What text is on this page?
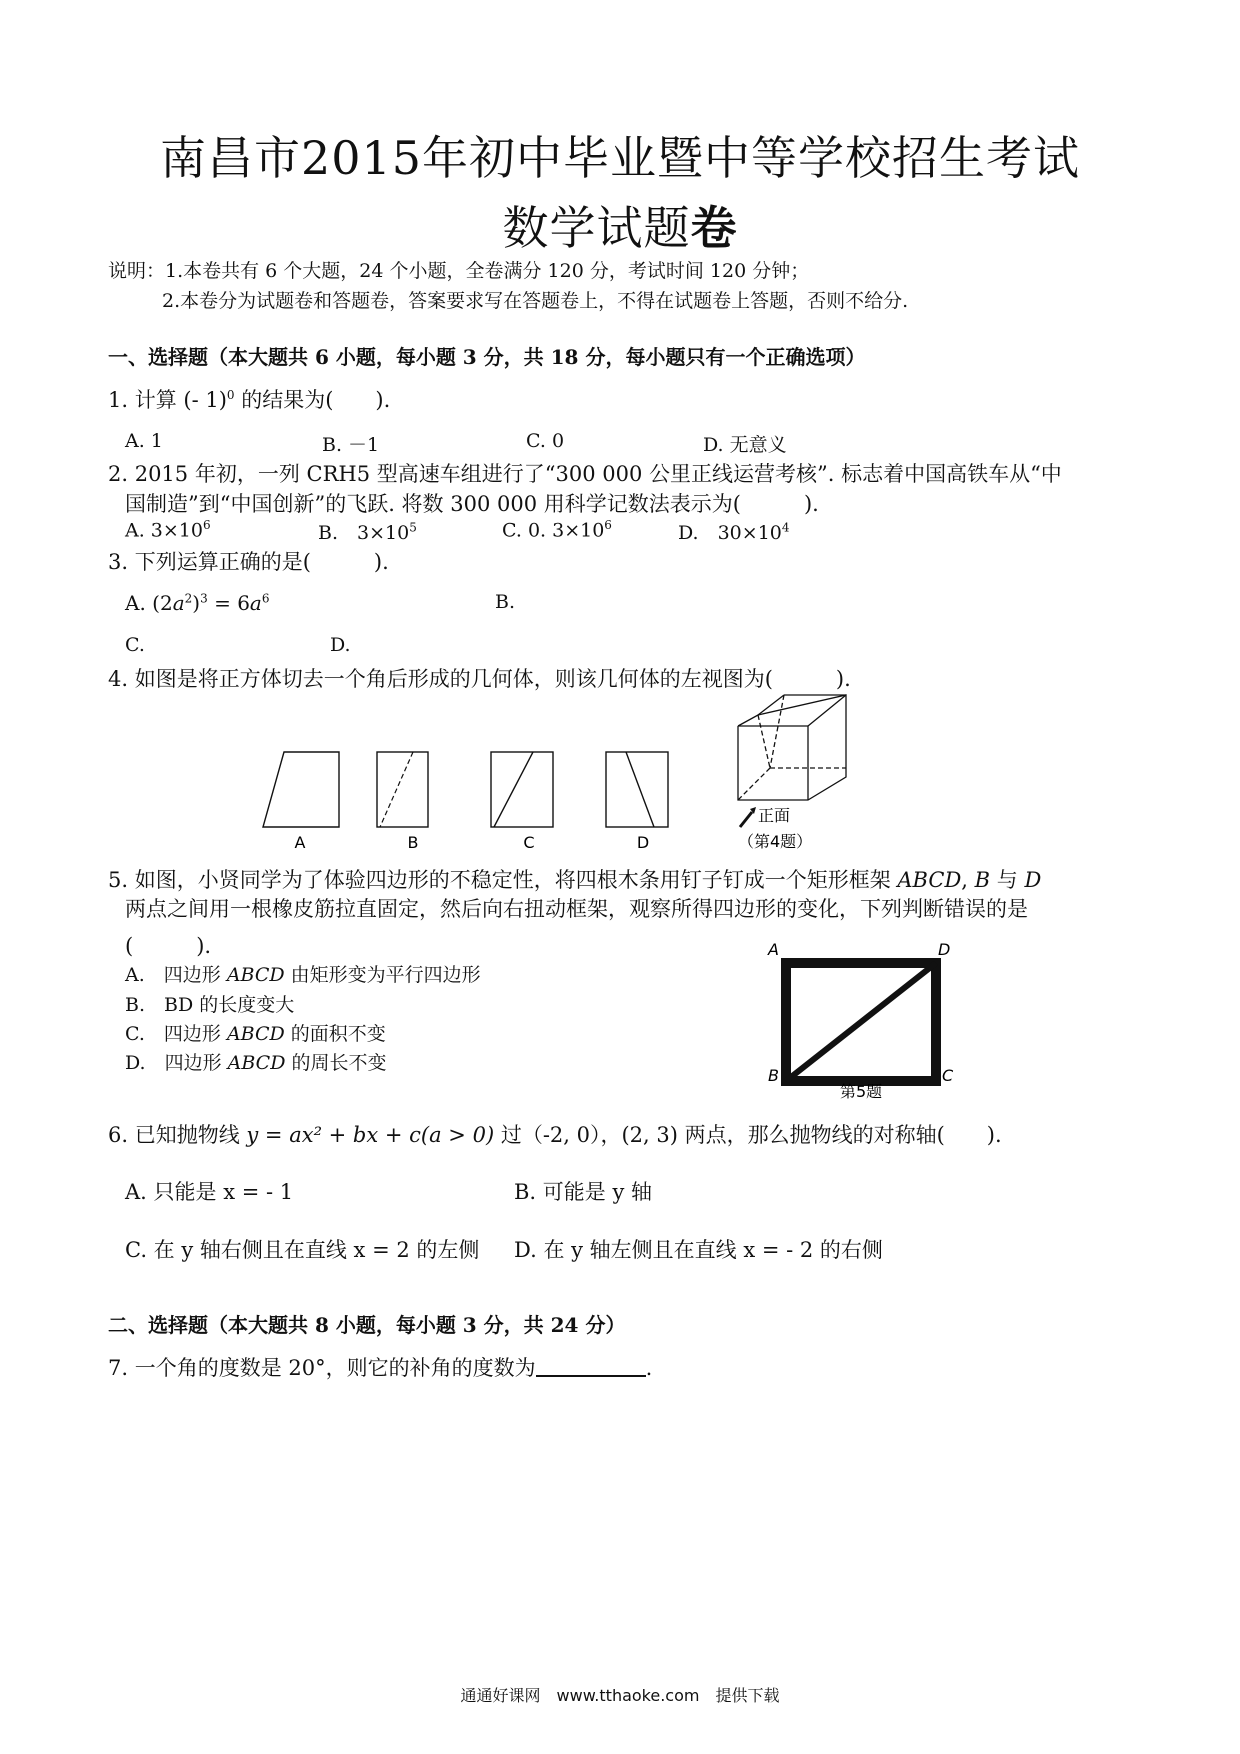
南昌市2015年初中毕业暨中等学校招生考试
数学试题卷
说明：1.本卷共有 6 个大题，24 个小题，全卷满分 120 分，考试时间 120 分钟；
2.本卷分为试题卷和答题卷，答案要求写在答题卷上，不得在试题卷上答题，否则不给分.
一、选择题（本大题共 6 小题，每小题 3 分，共 18 分，每小题只有一个正确选项）
1. 计算 (- 1)$^0$ 的结果为(　　).
A. 1	B. －1	C. 0	D. 无意义
2. 2015 年初，一列 CRH5 型高速车组进行了“300 000 公里正线运营考核”. 标志着中国高铁车从“中
国制造”到“中国创新”的飞跃. 将数 300 000 用科学记数法表示为(　　　).
A. $3\times 10^6$	B.　$3\times 10^5$	C. 0. $3\times 10^6$	D.　$30\times 10^4$
3. 下列运算正确的是(　　　).
A. $(2a^2)^3 = 6a^6$	B.
C.	D.
4. 如图是将正方体切去一个角后形成的几何体，则该几何体的左视图为(　　　).
A	B	C	D
正面
（第4题）
5. 如图，小贤同学为了体验四边形的不稳定性，将四根木条用钉子钉成一个矩形框架 ABCD, B 与 D
两点之间用一根橡皮筋拉直固定，然后向右扭动框架，观察所得四边形的变化，下列判断错误的是
(　　　).
A.　四边形 ABCD 由矩形变为平行四边形
B.　BD 的长度变大
C.　四边形 ABCD 的面积不变
D.　四边形 ABCD 的周长不变
A	D
B	C
第5题
6. 已知抛物线 y = ax² + bx + c(a > 0) 过（-2, 0），(2, 3) 两点，那么抛物线的对称轴(　　).
A. 只能是 x = - 1	B. 可能是 y 轴
C. 在 y 轴右侧且在直线 x = 2 的左侧 D. 在 y 轴左侧且在直线 x = - 2 的右侧
二、选择题（本大题共 8 小题，每小题 3 分，共 24 分）
7. 一个角的度数是 20°，则它的补角的度数为	.
通通好课网　www.tthaoke.com　提供下载
